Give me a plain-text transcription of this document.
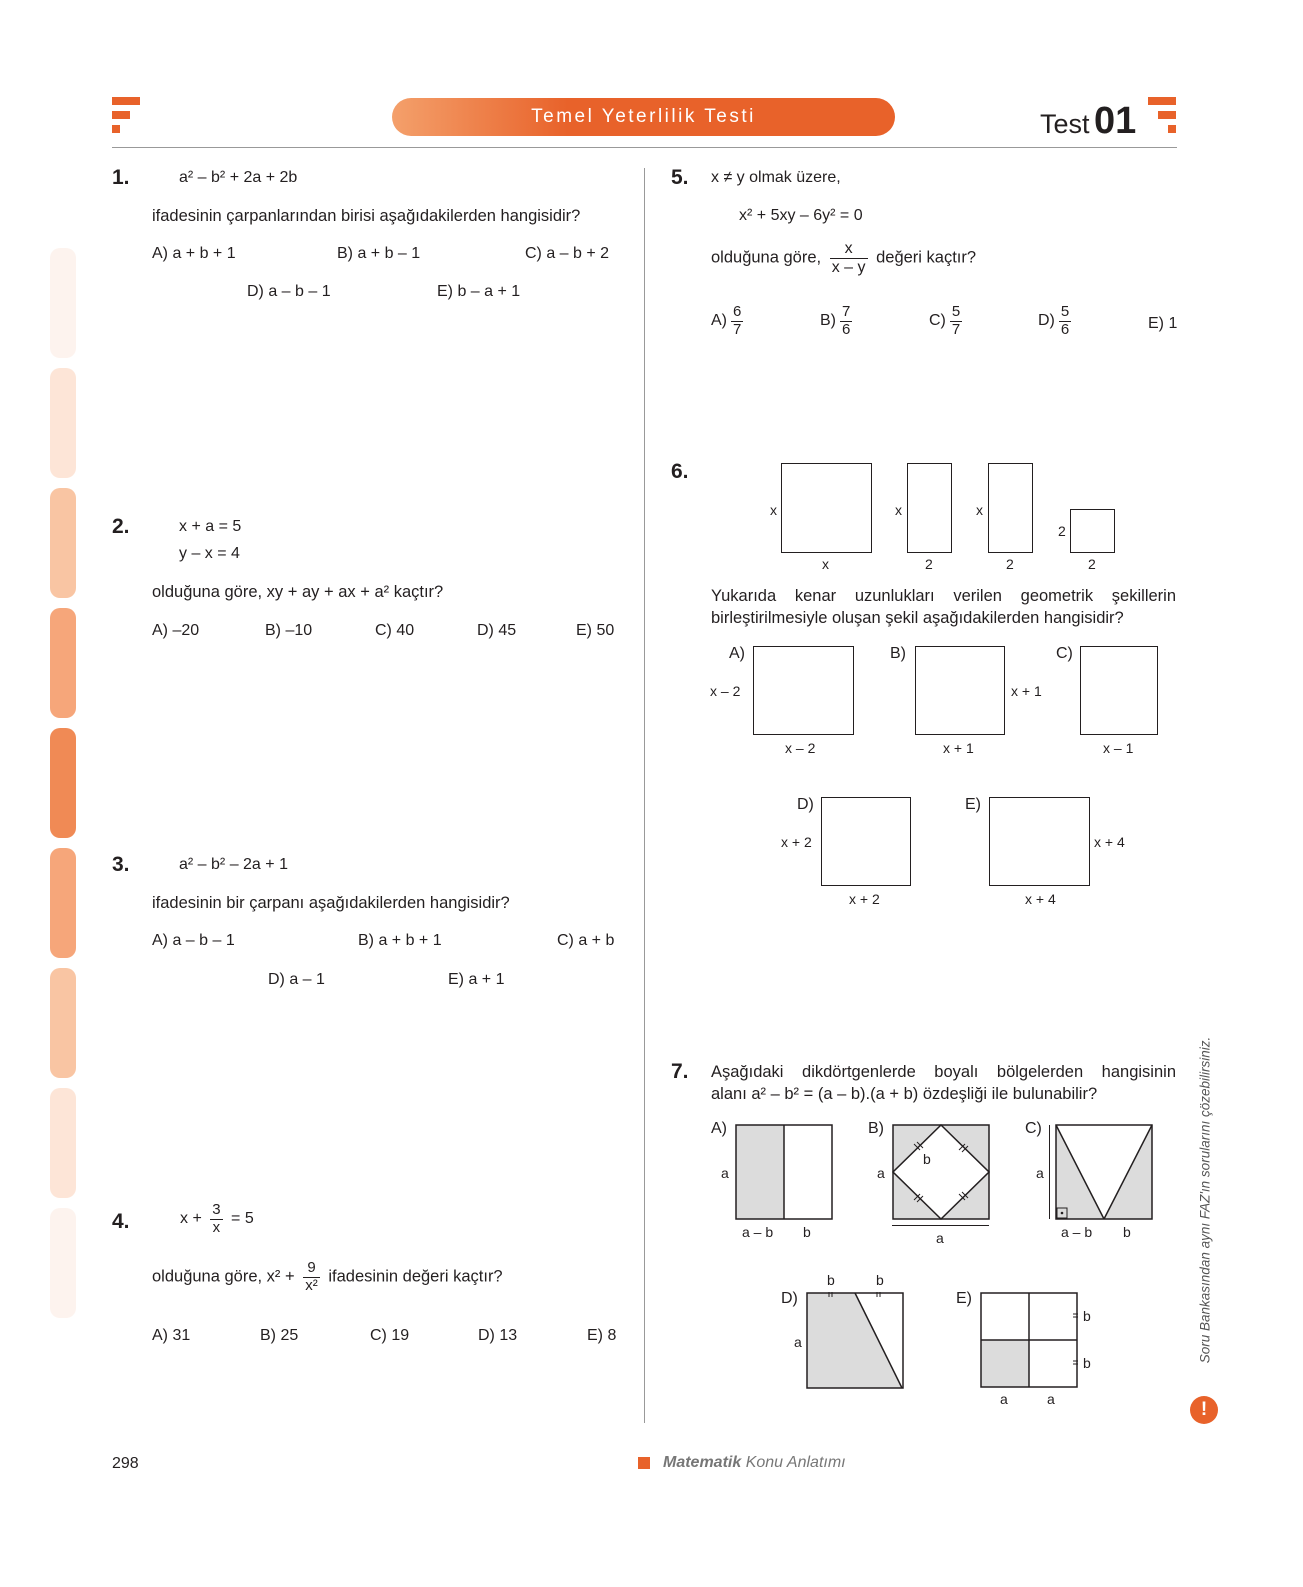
Temel Yeterlilik Testi	Test 01
1.	a² – b² + 2a + 2b
ifadesinin çarpanlarından birisi aşağıdakilerden hangisidir?
A) a + b + 1	B) a + b – 1	C) a – b + 2
D) a – b – 1	E) b – a + 1
2.	x + a = 5
y – x = 4
olduğuna göre, xy + ay + ax + a² kaçtır?
A) –20	B) –10	C) 40	D) 45	E) 50
3.	a² – b² – 2a + 1
ifadesinin bir çarpanı aşağıdakilerden hangisidir?
A) a – b – 1	B) a + b + 1	C) a + b
D) a – 1	E) a + 1
4.	$x + \frac{3}{x} = 5$
olduğuna göre, $x^2 + \frac{9}{\text{x²}}$ ifadesinin değeri kaçtır?
A) 31	B) 25	C) 19	D) 13	E) 8
5. x ≠ y olmak üzere,
x² + 5xy – 6y² = 0
olduğuna göre, $\frac{x}{x - y}$ değeri kaçtır?
$A) \frac{6}{7}$	$B) \frac{7}{6}$	$C) \frac{5}{7}$	$D) \frac{5}{6}$	E) 1
6.
x
x
x
2
x
2
2
2
Yukarıda kenar uzunlukları verilen geometrik şekillerin
birleştirilmesiyle oluşan şekil aşağıdakilerden hangisidir?
A)
x – 2
x – 2
B)
x + 1
x + 1
C)
x – 1
D)
x + 2
x + 2
E)
x + 4
x + 4
7. Aşağıdaki dikdörtgenlerde boyalı bölgelerden hangisinin
alanı a² – b² = (a – b).(a + b) özdeşliği ile bulunabilir?
A)
a
a – b b
B)
a
b
a
C)
a
a – b b
D)
b	b
a
E)
b
b
a	a
Soru Bankasından aynı FAZ'ın sorularını çözebilirsiniz.
!
298	Matematik Konu Anlatımı
